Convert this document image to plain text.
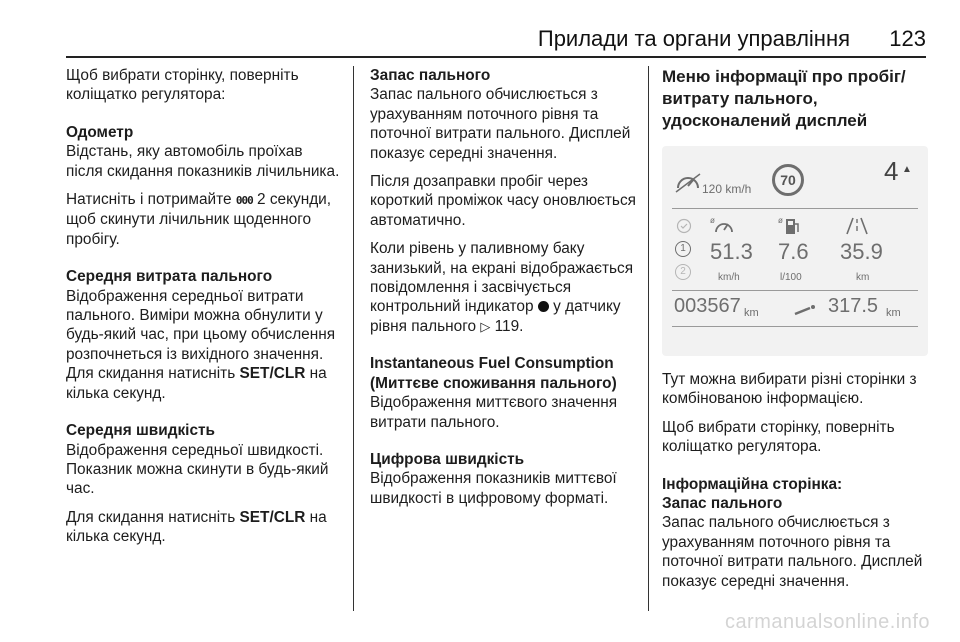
Прилади та органи управління 123

Щоб вибрати сторінку, поверніть коліщатко регулятора:

Одометр

Відстань, яку автомобіль проїхав після скидання показників лічильника.

Натисніть і потримайте 000 2 секунди, щоб скинути лічильник щоденного пробігу.

Середня витрата пального

Відображення середньої витрати пального. Виміри можна обнулити у будь-який час, при цьому обчислення розпочнеться із вихідного значення. Для скидання натисніть SET/CLR на кілька секунд.

Середня швидкість

Відображення середньої швидкості. Показник можна скинути в будь-який час.

Для скидання натисніть SET/CLR на кілька секунд.

Запас пального

Запас пального обчислюється з урахуванням поточного рівня та поточної витрати пального. Дисплей показує середні значення.

Після дозаправки пробіг через короткий проміжок часу оновлюється автоматично.

Коли рівень у паливному баку занизький, на екрані відображається повідомлення і засвічується контрольний індикатор у датчику рівня пального ▷ 119.

Instantaneous Fuel Consumption

(Миттєве споживання пального)

Відображення миттєвого значення витрати пального.

Цифрова швидкість

Відображення показників миттєвої швидкості в цифровому форматі.

Меню інформації про пробіг/витрату пального, удосконалений дисплей

120 km/h
70	4 ▲
1
2
ø	ø
51.3
km/h
7.6
l/100
35.9
km
003567 km	317.5 km

Тут можна вибирати різні сторінки з комбінованою інформацією.

Щоб вибрати сторінку, поверніть коліщатко регулятора.

Інформаційна сторінка:

Запас пального

Запас пального обчислюється з урахуванням поточного рівня та поточної витрати пального. Дисплей показує середні значення.

carmanualsonline.info
